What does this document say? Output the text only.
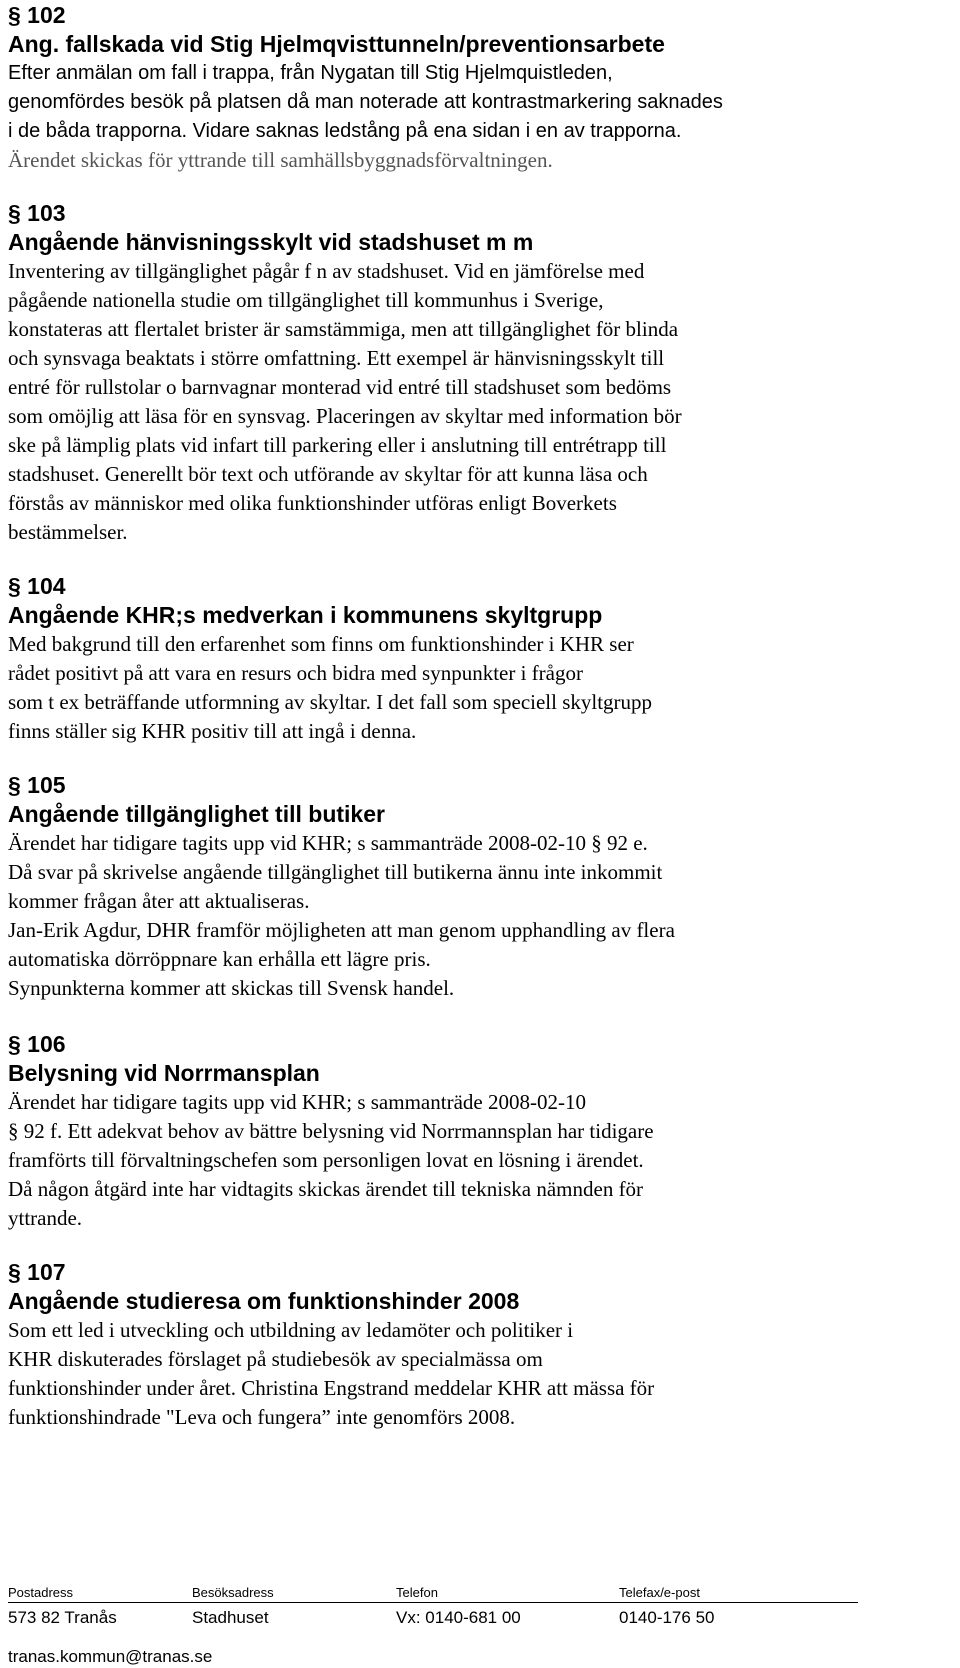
§ 102
Ang. fallskada vid Stig Hjelmqvisttunneln/preventionsarbete
Efter anmälan om fall i trappa, från Nygatan till Stig Hjelmquistleden,
genomfördes besök på platsen då man noterade att kontrastmarkering saknades
i de båda trapporna. Vidare saknas ledstång på ena sidan i en av trapporna.
Ärendet skickas för yttrande till samhällsbyggnadsförvaltningen.
§ 103
Angående hänvisningsskylt vid stadshuset m m
Inventering av tillgänglighet pågår f n av stadshuset. Vid en jämförelse med
pågående nationella studie om tillgänglighet till kommunhus i Sverige,
konstateras att flertalet brister är samstämmiga, men att tillgänglighet för blinda
och synsvaga beaktats i större omfattning. Ett exempel är hänvisningsskylt till
entré för rullstolar o barnvagnar monterad vid entré till stadshuset som bedöms
som omöjlig att läsa för en synsvag. Placeringen av skyltar med information bör
ske på lämplig plats vid infart till parkering eller i anslutning till entrétrapp till
stadshuset. Generellt bör text och utförande av skyltar för att kunna läsa och
förstås av människor med olika funktionshinder utföras enligt Boverkets
bestämmelser.
§ 104
Angående KHR;s medverkan i kommunens skyltgrupp
Med bakgrund till den erfarenhet som finns om funktionshinder i KHR ser
rådet positivt på att vara en resurs och bidra med synpunkter i frågor
som t ex beträffande utformning av skyltar. I det fall som speciell skyltgrupp
finns ställer sig KHR positiv till att ingå i denna.
§ 105
Angående tillgänglighet till butiker
Ärendet har tidigare tagits upp vid KHR; s sammanträde 2008-02-10 § 92 e.
Då svar på skrivelse angående tillgänglighet till butikerna ännu inte inkommit
kommer frågan åter att aktualiseras.
Jan-Erik Agdur, DHR framför möjligheten att man genom upphandling av flera
automatiska dörröppnare kan erhålla ett lägre pris.
Synpunkterna kommer att skickas till Svensk handel.
§ 106
Belysning vid Norrmansplan
Ärendet har tidigare tagits upp vid KHR; s sammanträde 2008-02-10
§ 92 f. Ett adekvat behov av bättre belysning vid Norrmannsplan har tidigare
framförts till förvaltningschefen som personligen lovat en lösning i ärendet.
Då någon åtgärd inte har vidtagits skickas ärendet till tekniska nämnden för
yttrande.
§ 107
Angående studieresa om funktionshinder 2008
Som ett led i utveckling och utbildning av ledamöter och politiker i
KHR diskuterades förslaget på studiebesök av specialmässa om
funktionshinder under året. Christina Engstrand meddelar KHR att mässa för
funktionshindrade "Leva och fungera” inte genomförs 2008.
Postadress	Besöksadress	Telefon	Telefax/e-post
573 82 Tranås	Stadhuset	Vx: 0140-681 00	0140-176 50
tranas.kommun@tranas.se
